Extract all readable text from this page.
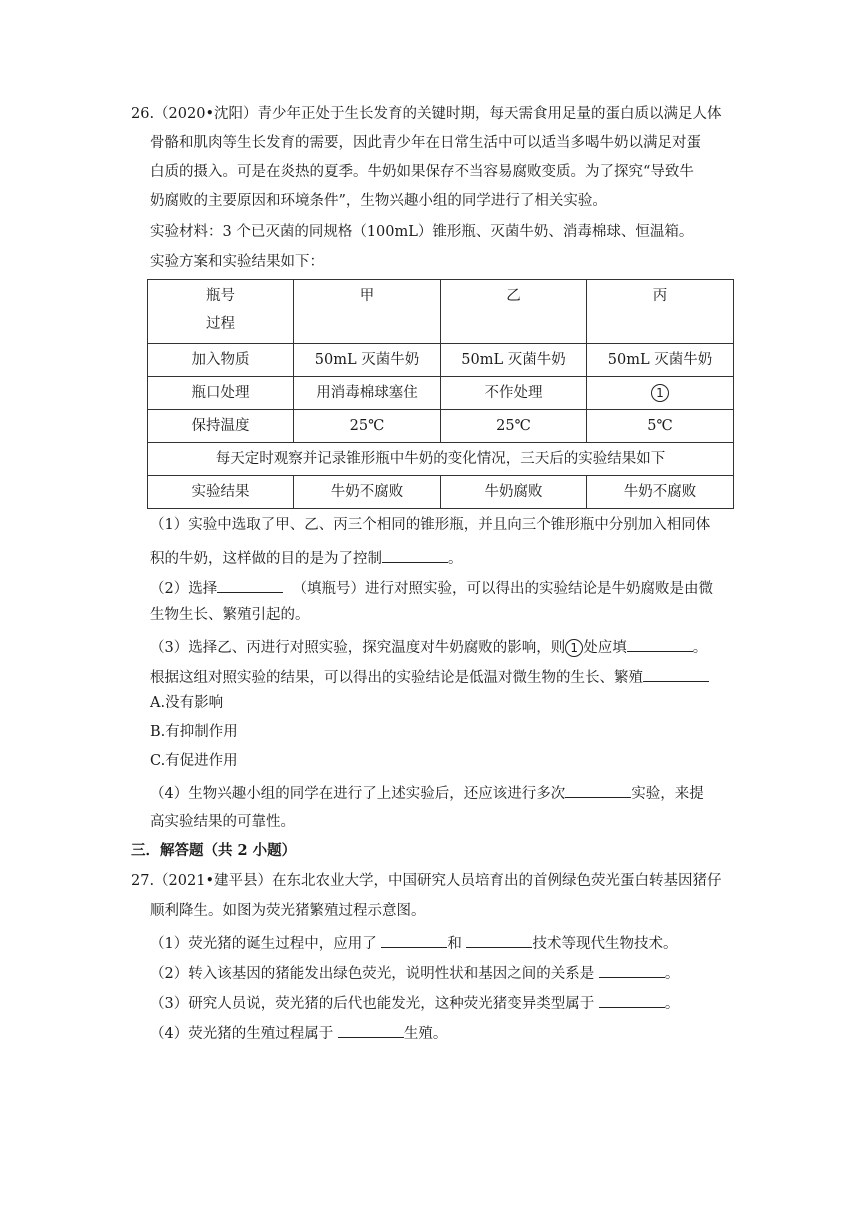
26.（2020•沈阳）青少年正处于生长发育的关键时期，每天需食用足量的蛋白质以满足人体
骨骼和肌肉等生长发育的需要，因此青少年在日常生活中可以适当多喝牛奶以满足对蛋
白质的摄入。可是在炎热的夏季。牛奶如果保存不当容易腐败变质。为了探究“导致牛
奶腐败的主要原因和环境条件”，生物兴趣小组的同学进行了相关实验。
实验材料：3 个已灭菌的同规格（100mL）锥形瓶、灭菌牛奶、消毒棉球、恒温箱。
实验方案和实验结果如下：
瓶号
过程	甲	乙	丙
加入物质	50mL 灭菌牛奶	50mL 灭菌牛奶	50mL 灭菌牛奶
瓶口处理	用消毒棉球塞住	不作处理	1
保持温度	25℃	25℃	5℃
每天定时观察并记录锥形瓶中牛奶的变化情况，三天后的实验结果如下			
实验结果	牛奶不腐败	牛奶腐败	牛奶不腐败
（1）实验中选取了甲、乙、丙三个相同的锥形瓶，并且向三个锥形瓶中分别加入相同体
积的牛奶，这样做的目的是为了控制	。
（2）选择	（填瓶号）进行对照实验，可以得出的实验结论是牛奶腐败是由微
生物生长、繁殖引起的。
（3）选择乙、丙进行对照实验，探究温度对牛奶腐败的影响，则 1 处应填	。
根据这组对照实验的结果，可以得出的实验结论是低温对微生物的生长、繁殖
A.没有影响
B.有抑制作用
C.有促进作用
（4）生物兴趣小组的同学在进行了上述实验后，还应该进行多次	实验，来提
高实验结果的可靠性。
三．解答题（共 2 小题）
27.（2021•建平县）在东北农业大学，中国研究人员培育出的首例绿色荧光蛋白转基因猪仔
顺利降生。如图为荧光猪繁殖过程示意图。
（1）荧光猪的诞生过程中，应用了	和	技术等现代生物技术。
（2）转入该基因的猪能发出绿色荧光，说明性状和基因之间的关系是	。
（3）研究人员说，荧光猪的后代也能发光，这种荧光猪变异类型属于	。
（4）荧光猪的生殖过程属于	生殖。
